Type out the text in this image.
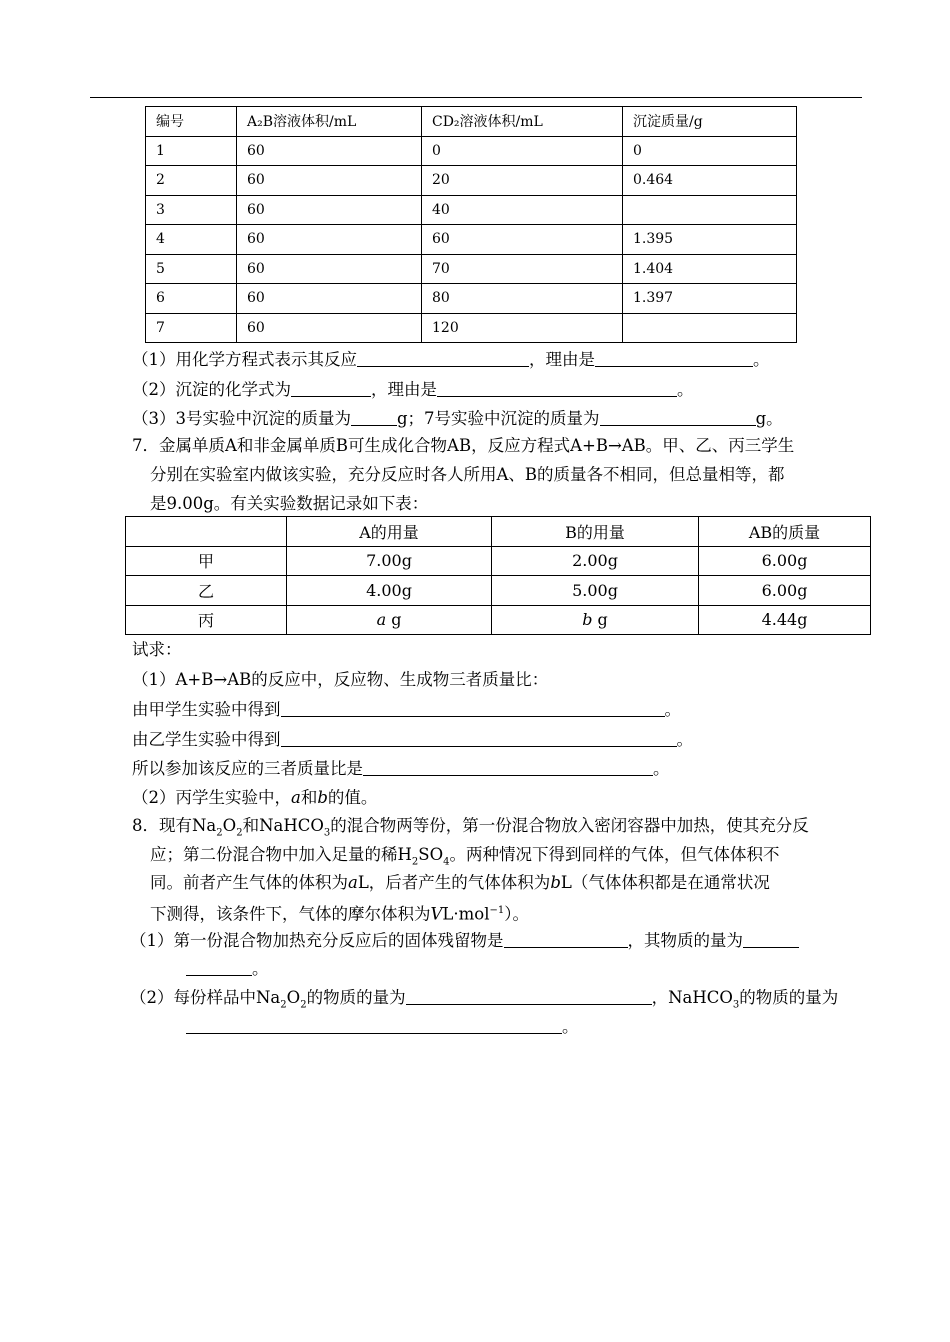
编号	A₂B溶液体积/mL	CD₂溶液体积/mL	沉淀质量/g
1	60	0	0
2	60	20	0.464
3	60	40	
4	60	60	1.395
5	60	70	1.404
6	60	80	1.397
7	60	120	
（1）用化学方程式表示其反应	，理由是	。
（2）沉淀的化学式为	，理由是	。
（3）3号实验中沉淀的质量为	g；7号实验中沉淀的质量为	g。
7．金属单质A和非金属单质B可生成化合物AB，反应方程式A+B→AB。甲、乙、丙三学生
分别在实验室内做该实验，充分反应时各人所用A、B的质量各不相同，但总量相等，都
是9.00g。有关实验数据记录如下表：
	A的用量	B的用量	AB的质量
甲	7.00g	2.00g	6.00g
乙	4.00g	5.00g	6.00g
丙	a g	b g	4.44g
试求：
（1）A+B→AB的反应中，反应物、生成物三者质量比：
由甲学生实验中得到	。
由乙学生实验中得到	。
所以参加该反应的三者质量比是	。
（2）丙学生实验中，a和b的值。
8．现有$Na_2O_2$和NaHCO$_3$的混合物两等份，第一份混合物放入密闭容器中加热，使其充分反
应；第二份混合物中加入足量的稀$H_2SO_4$。两种情况下得到同样的气体，但气体体积不
同。前者产生气体的体积为aL，后者产生的气体体积为bL（气体体积都是在通常状况
下测得，该条件下，气体的摩尔体积为VL·mol$^{-1}$）。
（1）第一份混合物加热充分反应后的固体残留物是	，其物质的量为
。
（2）每份样品中$Na_2O_2$的物质的量为	，NaHCO$_3$的物质的量为
。
